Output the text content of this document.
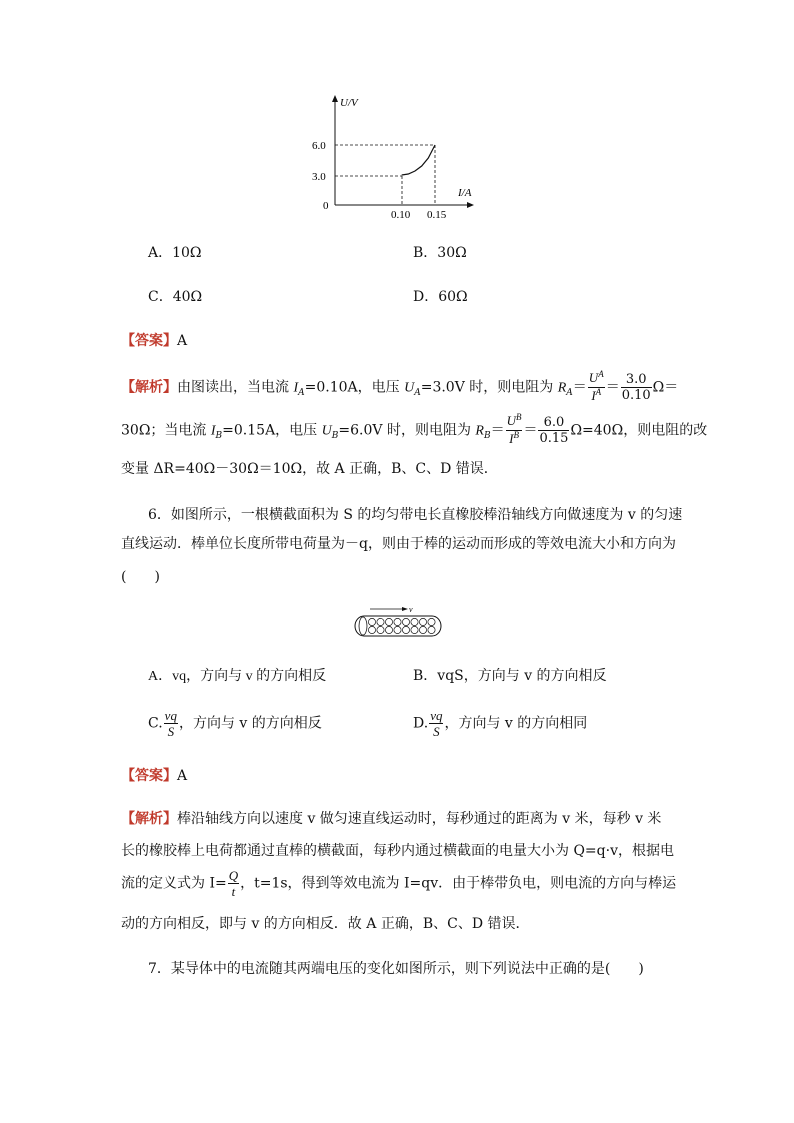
U/V
I/A
6.0
3.0
0
0.10 0.15
A．10Ω	B．30Ω
C．40Ω	D．60Ω
【答案】A
【解析】由图读出，当电流 $I_A=0.10A$，电压 $U_A=3.0V$ 时，则电阻为 $R_A= \frac{U^A}{I^A} = \frac{3.0}{0.10} \Omega=$
30Ω；当电流 $I_B=0.15A$，电压 $U_B=6.0V$ 时，则电阻为 $R_B= \frac{U^B}{I^B} = \frac{6.0}{0.15} \Omega=40\Omega$，则电阻的改
变量 ΔR=40Ω－30Ω＝10Ω，故 A 正确，B、C、D 错误．
6．如图所示，一根横截面积为 S 的均匀带电长直橡胶棒沿轴线方向做速度为 v 的匀速
直线运动．棒单位长度所带电荷量为－q，则由于棒的运动而形成的等效电流大小和方向为
(　　)
v
A．vq，方向与 v 的方向相反	B．vqS，方向与 v 的方向相反
C. $\frac{vq}{S}$ ，方向与 v 的方向相反	D. $\frac{vq}{S}$ ，方向与 v 的方向相同
【答案】A
【解析】棒沿轴线方向以速度 v 做匀速直线运动时，每秒通过的距离为 v 米，每秒 v 米
长的橡胶棒上电荷都通过直棒的横截面，每秒内通过横截面的电量大小为 Q=q·v，根据电
流的定义式为 $I= \frac{Q}{t}$ ，t=1s，得到等效电流为 I=qv．由于棒带负电，则电流的方向与棒运
动的方向相反，即与 v 的方向相反．故 A 正确，B、C、D 错误．
7．某导体中的电流随其两端电压的变化如图所示，则下列说法中正确的是(　　)
